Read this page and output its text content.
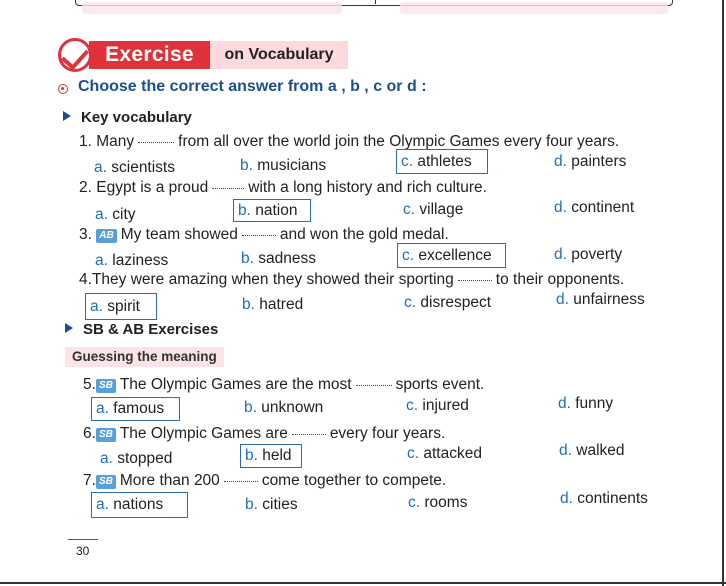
Exercise	on Vocabulary
Choose the correct answer from a , b , c or d :
Key vocabulary
1. Many	from all over the world join the Olympic Games every four years.
a. scientists	b. musicians	c. athletes	d. painters
2. Egypt is a proud	with a long history and rich culture.
a. city	b. nation	c. village	d. continent
3. AB My team showed	and won the gold medal.
a. laziness	b. sadness	c. excellence	d. poverty
4.They were amazing when they showed their sporting	to their opponents.
a. spirit	b. hatred	c. disrespect	d. unfairness
SB & AB Exercises
Guessing the meaning
5. SB The Olympic Games are the most	sports event.
a. famous	b. unknown	c. injured	d. funny
6. SB The Olympic Games are	every four years.
a. stopped	b. held	c. attacked	d. walked
7. SB More than 200	come together to compete.
a. nations	b. cities	c. rooms	d. continents
30
